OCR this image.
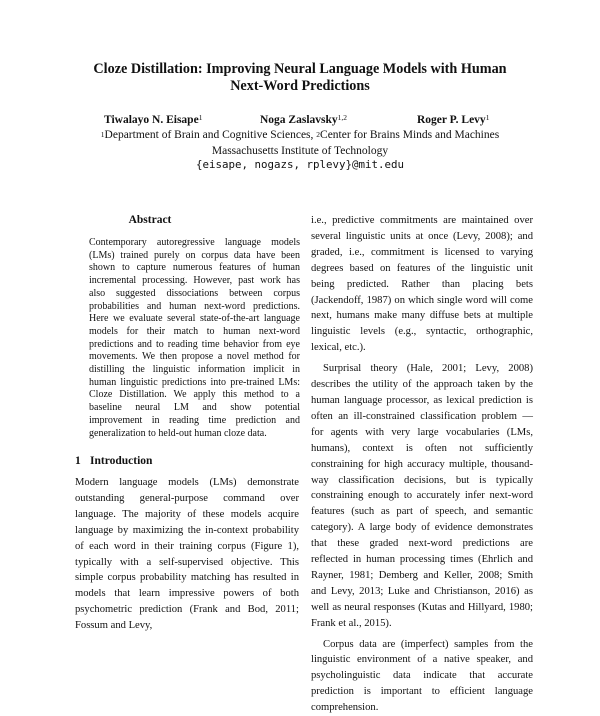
Cloze Distillation: Improving Neural Language Models with Human
Next-Word Predictions
Tiwalayo N. Eisape$^1$	Noga Zaslavsky$^{1,2}$	Roger P. Levy$^1$
$^1$Department of Brain and Cognitive Sciences, $^2$Center for Brains Minds and Machines
Massachusetts Institute of Technology
{eisape, nogazs, rplevy}@mit.edu
Abstract
Contemporary autoregressive language models (LMs) trained purely on corpus data have been shown to capture numerous features of human incremental processing. However, past work has also suggested dissociations between corpus probabilities and human next-word predictions. Here we evaluate several state-of-the-art language models for their match to human next-word predictions and to reading time behavior from eye movements. We then propose a novel method for distilling the linguistic information implicit in human linguistic predictions into pre-trained LMs: Cloze Distillation. We apply this method to a baseline neural LM and show potential improvement in reading time prediction and generalization to held-out human cloze data.
1 Introduction
Modern language models (LMs) demonstrate outstanding general-purpose command over language. The majority of these models acquire language by maximizing the in-context probability of each word in their training corpus (Figure 1), typically with a self-supervised objective. This simple corpus probability matching has resulted in models that learn impressive powers of both psychometric prediction (Frank and Bod, 2011; Fossum and Levy,

i.e., predictive commitments are maintained over several linguistic units at once (Levy, 2008); and graded, i.e., commitment is licensed to varying degrees based on features of the linguistic unit being predicted. Rather than placing bets (Jackendoff, 1987) on which single word will come next, humans make many diffuse bets at multiple linguistic levels (e.g., syntactic, orthographic, lexical, etc.).

Surprisal theory (Hale, 2001; Levy, 2008) describes the utility of the approach taken by the human language processor, as lexical prediction is often an ill-constrained classification problem — for agents with very large vocabularies (LMs, humans), context is often not sufficiently constraining for high accuracy multiple, thousand-way classification decisions, but is typically constraining enough to accurately infer next-word features (such as part of speech, and semantic category). A large body of evidence demonstrates that these graded next-word predictions are reflected in human processing times (Ehrlich and Rayner, 1981; Demberg and Keller, 2008; Smith and Levy, 2013; Luke and Christianson, 2016) as well as neural responses (Kutas and Hillyard, 1980; Frank et al., 2015).

Corpus data are (imperfect) samples from the linguistic environment of a native speaker, and psycholinguistic data indicate that accurate prediction is important to efficient language comprehension.
